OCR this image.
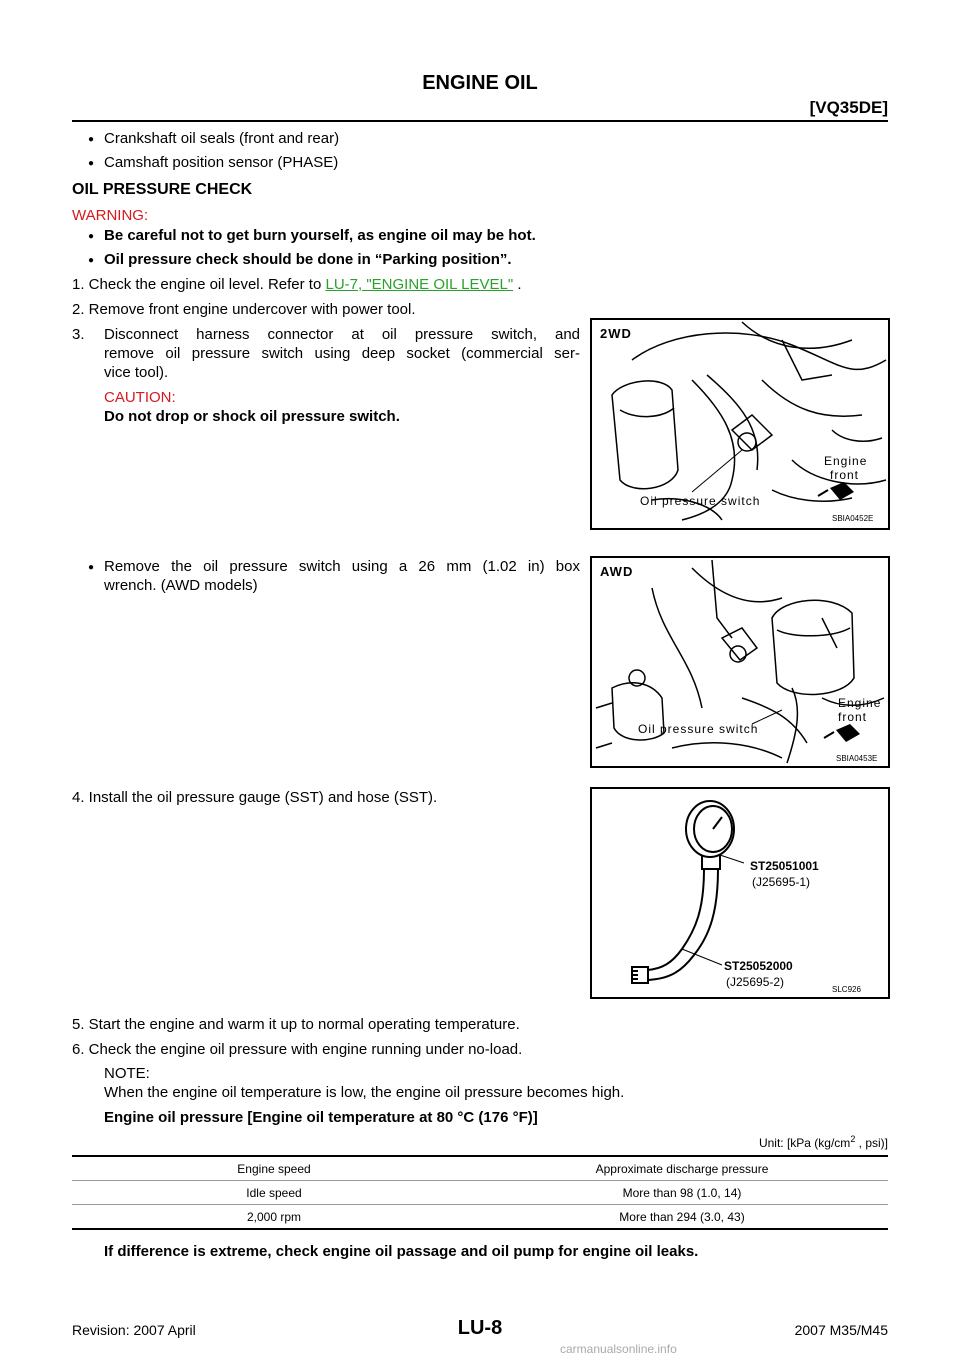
ENGINE OIL
[VQ35DE]
● Crankshaft oil seals (front and rear)
● Camshaft position sensor (PHASE)
OIL PRESSURE CHECK
WARNING:
● Be careful not to get burn yourself, as engine oil may be hot.
● Oil pressure check should be done in “Parking position”.
1. Check the engine oil level. Refer to LU-7, "ENGINE OIL LEVEL" .
2. Remove front engine undercover with power tool.
3. Disconnect harness connector at oil pressure switch, and
remove oil pressure switch using deep socket (commercial ser-
vice tool).
CAUTION:
Do not drop or shock oil pressure switch.
2WD
Engine
front
Oil pressure switch
SBIA0452E
● Remove the oil pressure switch using a 26 mm (1.02 in) box
wrench. (AWD models)
AWD
Engine
front
Oil pressure switch
SBIA0453E
4. Install the oil pressure gauge (SST) and hose (SST).
ST25051001
(J25695-1)
ST25052000
(J25695-2)
SLC926
5. Start the engine and warm it up to normal operating temperature.
6. Check the engine oil pressure with engine running under no-load.
NOTE:
When the engine oil temperature is low, the engine oil pressure becomes high.
Engine oil pressure [Engine oil temperature at 80 °C (176 °F)]
Unit: [kPa ($kg/cm^2$ , psi)]
Engine speed	Approximate discharge pressure
Idle speed	More than 98 (1.0, 14)
2,000 rpm	More than 294 (3.0, 43)
If difference is extreme, check engine oil passage and oil pump for engine oil leaks.
LU-8
Revision: 2007 April	2007 M35/M45
carmanualsonline.info
